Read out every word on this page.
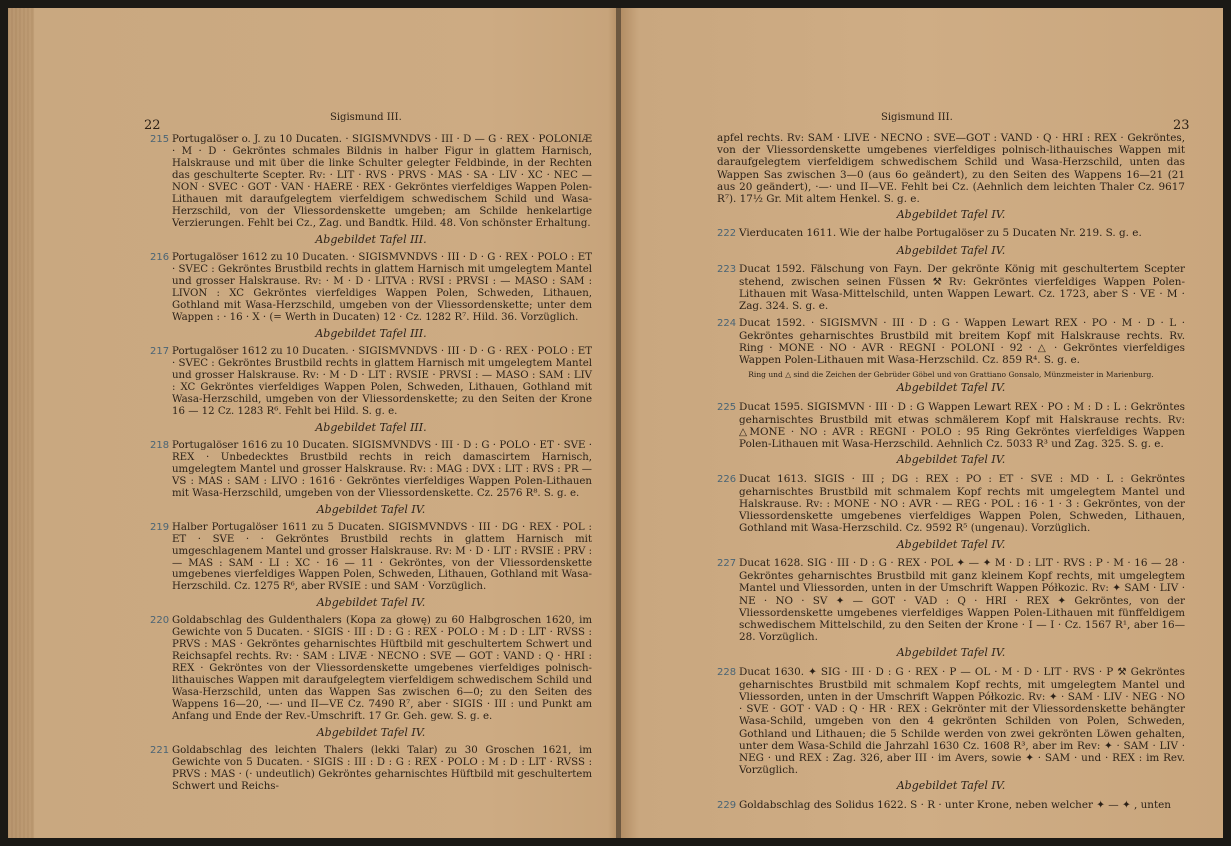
22
Sigismund III.
215 Portugalöser o. J. zu 10 Ducaten. · SIGISMVNDVS · III · D — G · REX · POLONIÆ · M · D · Gekröntes schmales Bildnis in halber Figur in glattem Harnisch, Halskrause und mit über die linke Schulter gelegter Feldbinde, in der Rechten das geschulterte Scepter. Rv: · LIT · RVS · PRVS · MAS · SA · LIV · XC · NEC — NON · SVEC · GOT · VAN · HAERE · REX · Gekröntes vierfeldiges Wappen Polen-Lithauen mit daraufgelegtem vierfeldigem schwedischem Schild und Wasa-Herzschild, von der Vliessordenskette umgeben; am Schilde henkelartige Verzierungen. Fehlt bei Cz., Zag. und Bandtk. Hild. 48. Von schönster Erhaltung.
Abgebildet Tafel III.
216 Portugalöser 1612 zu 10 Ducaten. · SIGISMVNDVS · III · D · G · REX · POLO : ET · SVEC : Gekröntes Brustbild rechts in glattem Harnisch mit umgelegtem Mantel und grosser Halskrause. Rv: · M · D · LITVA : RVSI : PRVSI : — MASO : SAM : LIVON : XC Gekröntes vierfeldiges Wappen Polen, Schweden, Lithauen, Gothland mit Wasa-Herzschild, umgeben von der Vliessordenskette; unter dem Wappen : · 16 · X · (= Werth in Ducaten) 12 · Cz. 1282 R⁷. Hild. 36. Vorzüglich.
Abgebildet Tafel III.
217 Portugalöser 1612 zu 10 Ducaten. · SIGISMVNDVS · III · D · G · REX · POLO : ET · SVEC : Gekröntes Brustbild rechts in glattem Harnisch mit umgelegtem Mantel und grosser Halskrause. Rv: · M · D · LIT : RVSIE · PRVSI : — MASO : SAM : LIV : XC Gekröntes vierfeldiges Wappen Polen, Schweden, Lithauen, Gothland mit Wasa-Herzschild, umgeben von der Vliessordenskette; zu den Seiten der Krone 16 — 12 Cz. 1283 R⁶. Fehlt bei Hild. S. g. e.
Abgebildet Tafel III.
218 Portugalöser 1616 zu 10 Ducaten. SIGISMVNDVS · III · D : G · POLO · ET · SVE · REX · Unbedecktes Brustbild rechts in reich damascirtem Harnisch, umgelegtem Mantel und grosser Halskrause. Rv: : MAG : DVX : LIT : RVS : PR — VS : MAS : SAM : LIVO : 1616 · Gekröntes vierfeldiges Wappen Polen-Lithauen mit Wasa-Herzschild, umgeben von der Vliessordenskette. Cz. 2576 R⁸. S. g. e.
Abgebildet Tafel IV.
219 Halber Portugalöser 1611 zu 5 Ducaten. SIGISMVNDVS · III · DG · REX · POL : ET · SVE · · Gekröntes Brustbild rechts in glattem Harnisch mit umgeschlagenem Mantel und grosser Halskrause. Rv: M · D · LIT : RVSIE : PRV : — MAS : SAM · LI : XC · 16 — 11 · Gekröntes, von der Vliessordenskette umgebenes vierfeldiges Wappen Polen, Schweden, Lithauen, Gothland mit Wasa-Herzschild. Cz. 1275 R⁶, aber RVSIE : und SAM · Vorzüglich.
Abgebildet Tafel IV.
220 Goldabschlag des Guldenthalers (Kopa za głowę) zu 60 Halbgroschen 1620, im Gewichte von 5 Ducaten. · SIGIS · III : D : G : REX · POLO : M : D : LIT · RVSS : PRVS : MAS · Gekröntes geharnischtes Hüftbild mit geschultertem Schwert und Reichsapfel rechts. Rv: · SAM : LIVÆ · NECNO : SVE — GOT : VAND : Q · HRI : REX · Gekröntes von der Vliessordenskette umgebenes vierfeldiges polnisch-lithauisches Wappen mit daraufgelegtem vierfeldigem schwedischem Schild und Wasa-Herzschild, unten das Wappen Sas zwischen 6—0; zu den Seiten des Wappens 16—20, ·—· und II—VE Cz. 7490 R⁷, aber · SIGIS · III : und Punkt am Anfang und Ende der Rev.-Umschrift. 17 Gr. Geh. gew. S. g. e.
Abgebildet Tafel IV.
221 Goldabschlag des leichten Thalers (lekki Talar) zu 30 Groschen 1621, im Gewichte von 5 Ducaten. · SIGIS : III : D : G : REX · POLO : M : D : LIT · RVSS : PRVS : MAS · (· undeutlich) Gekröntes geharnischtes Hüftbild mit geschultertem Schwert und Reichs-
Sigismund III.
23
apfel rechts. Rv: SAM · LIVE · NECNO : SVE—GOT : VAND · Q · HRI : REX · Gekröntes, von der Vliessordenskette umgebenes vierfeldiges polnisch-lithauisches Wappen mit daraufgelegtem vierfeldigem schwedischem Schild und Wasa-Herzschild, unten das Wappen Sas zwischen 3—0 (aus 6o geändert), zu den Seiten des Wappens 16—21 (21 aus 20 geändert), ·—· und II—VE. Fehlt bei Cz. (Aehnlich dem leichten Thaler Cz. 9617 R⁷). 17½ Gr. Mit altem Henkel. S. g. e.
Abgebildet Tafel IV.
222 Vierducaten 1611. Wie der halbe Portugalöser zu 5 Ducaten Nr. 219. S. g. e.
Abgebildet Tafel IV.
223 Ducat 1592. Fälschung von Fayn. Der gekrönte König mit geschultertem Scepter stehend, zwischen seinen Füssen ⚒ Rv: Gekröntes vierfeldiges Wappen Polen-Lithauen mit Wasa-Mittelschild, unten Wappen Lewart. Cz. 1723, aber S · VE · M · Zag. 324. S. g. e.
224 Ducat 1592. · SIGISMVN · III · D : G · Wappen Lewart REX · PO · M · D · L · Gekröntes geharnischtes Brustbild mit breitem Kopf mit Halskrause rechts. Rv. Ring · MONE · NO · AVR · REGNI · POLONI · 92 · △ · Gekröntes vierfeldiges Wappen Polen-Lithauen mit Wasa-Herzschild. Cz. 859 R⁴. S. g. e.
Ring und △ sind die Zeichen der Gebrüder Göbel und von Grattiano Gonsalo, Münzmeister in Marienburg.
Abgebildet Tafel IV.
225 Ducat 1595. SIGISMVN · III · D : G Wappen Lewart REX · PO : M : D : L : Gekröntes geharnischtes Brustbild mit etwas schmälerem Kopf mit Halskrause rechts. Rv: △MONE · NO : AVR : REGNI · POLO : 95 Ring Gekröntes vierfeldiges Wappen Polen-Lithauen mit Wasa-Herzschild. Aehnlich Cz. 5033 R³ und Zag. 325. S. g. e.
Abgebildet Tafel IV.
226 Ducat 1613. SIGIS · III ; DG : REX : PO : ET · SVE : MD · L : Gekröntes geharnischtes Brustbild mit schmalem Kopf rechts mit umgelegtem Mantel und Halskrause. Rv: : MONE · NO : AVR · — REG · POL : 16 · 1 · 3 : Gekröntes, von der Vliessordenskette umgebenes vierfeldiges Wappen Polen, Schweden, Lithauen, Gothland mit Wasa-Herzschild. Cz. 9592 R⁵ (ungenau). Vorzüglich.
Abgebildet Tafel IV.
227 Ducat 1628. SIG · III · D : G · REX · POL ✦ — ✦ M · D : LIT · RVS : P · M · 16 — 28 · Gekröntes geharnischtes Brustbild mit ganz kleinem Kopf rechts, mit umgelegtem Mantel und Vliessorden, unten in der Umschrift Wappen Półkozic. Rv: ✦ SAM · LIV · NE · NO · SV ✦ — GOT · VAD : Q · HRI · REX ✦ Gekröntes, von der Vliessordenskette umgebenes vierfeldiges Wappen Polen-Lithauen mit fünffeldigem schwedischem Mittelschild, zu den Seiten der Krone · I — I · Cz. 1567 R¹, aber 16—28. Vorzüglich.
Abgebildet Tafel IV.
228 Ducat 1630. ✦ SIG · III · D : G · REX · P — OL · M · D · LIT · RVS · P ⚒ Gekröntes geharnischtes Brustbild mit schmalem Kopf rechts, mit umgelegtem Mantel und Vliessorden, unten in der Umschrift Wappen Półkozic. Rv: ✦ · SAM · LIV · NEG · NO · SVE · GOT · VAD : Q · HR · REX : Gekrönter mit der Vliessordenskette behängter Wasa-Schild, umgeben von den 4 gekrönten Schilden von Polen, Schweden, Gothland und Lithauen; die 5 Schilde werden von zwei gekrönten Löwen gehalten, unter dem Wasa-Schild die Jahrzahl 1630 Cz. 1608 R³, aber im Rev: ✦ · SAM · LIV · NEG · und REX : Zag. 326, aber III · im Avers, sowie ✦ · SAM · und · REX : im Rev. Vorzüglich.
Abgebildet Tafel IV.
229 Goldabschlag des Solidus 1622. S · R · unter Krone, neben welcher ✦ — ✦ , unten
